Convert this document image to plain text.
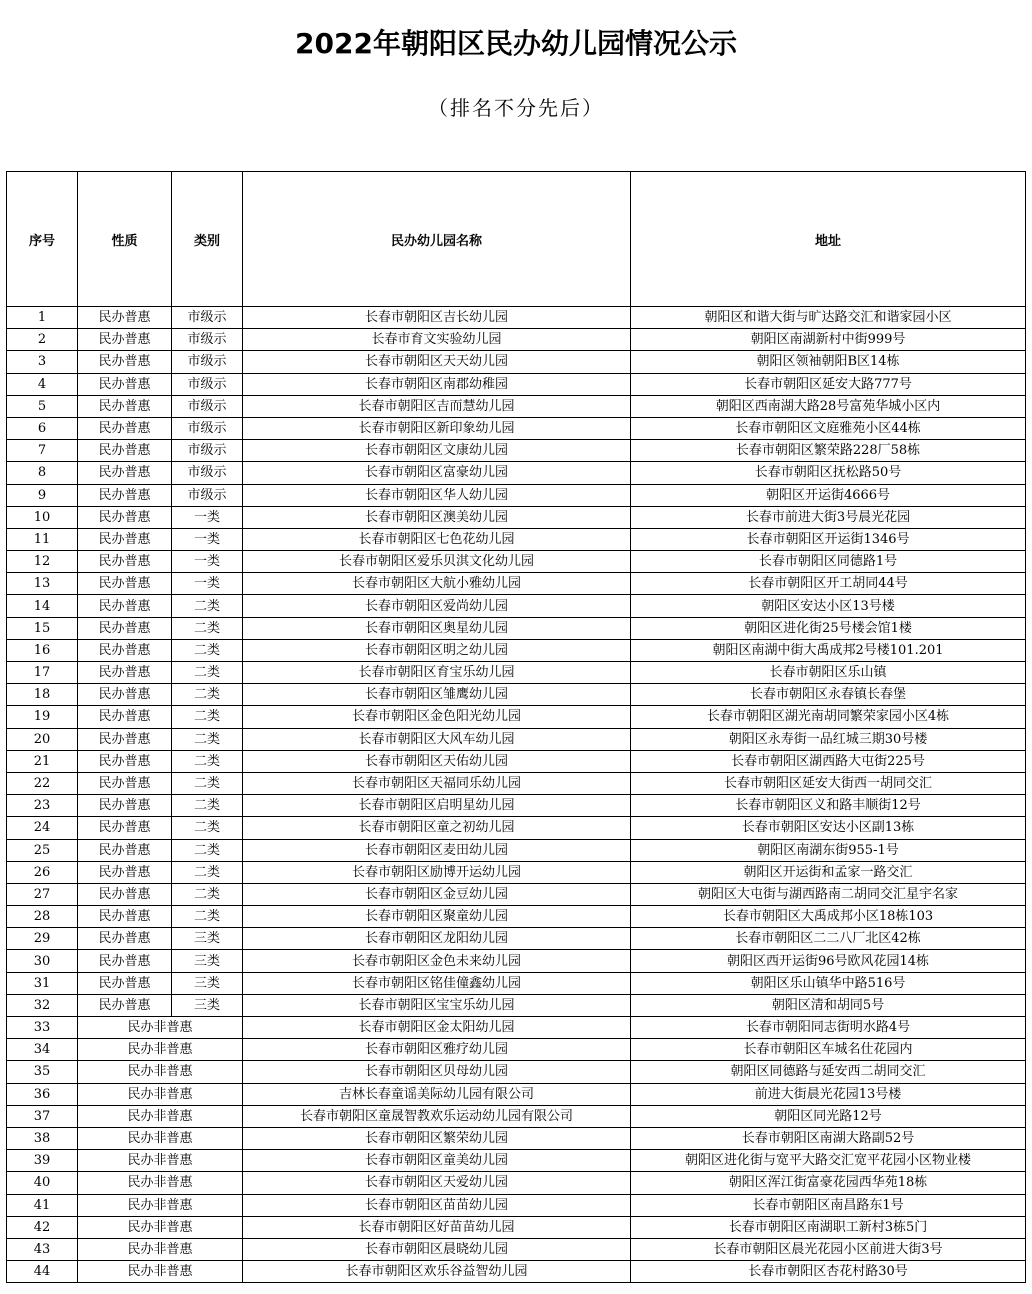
2022年朝阳区民办幼儿园情况公示
（排名不分先后）
序号	性质	类别	民办幼儿园名称	地址
1	民办普惠	市级示	长春市朝阳区吉长幼儿园	朝阳区和谐大街与旷达路交汇和谐家园小区
2	民办普惠	市级示	长春市育文实验幼儿园	朝阳区南湖新村中街999号
3	民办普惠	市级示	长春市朝阳区天天幼儿园	朝阳区领袖朝阳B区14栋
4	民办普惠	市级示	长春市朝阳区南郡幼稚园	长春市朝阳区延安大路777号
5	民办普惠	市级示	长春市朝阳区吉而慧幼儿园	朝阳区西南湖大路28号富苑华城小区内
6	民办普惠	市级示	长春市朝阳区新印象幼儿园	长春市朝阳区文庭雅苑小区44栋
7	民办普惠	市级示	长春市朝阳区文康幼儿园	长春市朝阳区繁荣路228厂58栋
8	民办普惠	市级示	长春市朝阳区富豪幼儿园	长春市朝阳区抚松路50号
9	民办普惠	市级示	长春市朝阳区华人幼儿园	朝阳区开运街4666号
10	民办普惠	一类	长春市朝阳区澳美幼儿园	长春市前进大街3号晨光花园
11	民办普惠	一类	长春市朝阳区七色花幼儿园	长春市朝阳区开运街1346号
12	民办普惠	一类	长春市朝阳区爱乐贝淇文化幼儿园	长春市朝阳区同德路1号
13	民办普惠	一类	长春市朝阳区大航小雅幼儿园	长春市朝阳区开工胡同44号
14	民办普惠	二类	长春市朝阳区爱尚幼儿园	朝阳区安达小区13号楼
15	民办普惠	二类	长春市朝阳区奥星幼儿园	朝阳区进化街25号楼会馆1楼
16	民办普惠	二类	长春市朝阳区明之幼儿园	朝阳区南湖中街大禹成邦2号楼101.201
17	民办普惠	二类	长春市朝阳区育宝乐幼儿园	长春市朝阳区乐山镇
18	民办普惠	二类	长春市朝阳区雏鹰幼儿园	长春市朝阳区永春镇长春堡
19	民办普惠	二类	长春市朝阳区金色阳光幼儿园	长春市朝阳区湖光南胡同繁荣家园小区4栋
20	民办普惠	二类	长春市朝阳区大风车幼儿园	朝阳区永寿街一品红城三期30号楼
21	民办普惠	二类	长春市朝阳区天佑幼儿园	长春市朝阳区湖西路大屯街225号
22	民办普惠	二类	长春市朝阳区天福同乐幼儿园	长春市朝阳区延安大街西一胡同交汇
23	民办普惠	二类	长春市朝阳区启明星幼儿园	长春市朝阳区义和路丰顺街12号
24	民办普惠	二类	长春市朝阳区童之初幼儿园	长春市朝阳区安达小区副13栋
25	民办普惠	二类	长春市朝阳区麦田幼儿园	朝阳区南湖东街955-1号
26	民办普惠	二类	长春市朝阳区励博开运幼儿园	朝阳区开运街和孟家一路交汇
27	民办普惠	二类	长春市朝阳区金豆幼儿园	朝阳区大屯街与湖西路南二胡同交汇星宇名家
28	民办普惠	二类	长春市朝阳区聚童幼儿园	长春市朝阳区大禹成邦小区18栋103
29	民办普惠	三类	长春市朝阳区龙阳幼儿园	长春市朝阳区二二八厂北区42栋
30	民办普惠	三类	长春市朝阳区金色未来幼儿园	朝阳区西开运街96号欧风花园14栋
31	民办普惠	三类	长春市朝阳区铭佳僮鑫幼儿园	朝阳区乐山镇华中路516号
32	民办普惠	三类	长春市朝阳区宝宝乐幼儿园	朝阳区清和胡同5号
33	民办非普惠		长春市朝阳区金太阳幼儿园	长春市朝阳同志街明水路4号
34	民办非普惠		长春市朝阳区雅疗幼儿园	长春市朝阳区车城名仕花园内
35	民办非普惠		长春市朝阳区贝母幼儿园	朝阳区同德路与延安西二胡同交汇
36	民办非普惠		吉林长春童谣美际幼儿园有限公司	前进大街晨光花园13号楼
37	民办非普惠		长春市朝阳区童晟智教欢乐运动幼儿园有限公司	朝阳区同光路12号
38	民办非普惠		长春市朝阳区繁荣幼儿园	长春市朝阳区南湖大路副52号
39	民办非普惠		长春市朝阳区童美幼儿园	朝阳区进化街与宽平大路交汇宽平花园小区物业楼
40	民办非普惠		长春市朝阳区天爱幼儿园	朝阳区浑江街富豪花园西华苑18栋
41	民办非普惠		长春市朝阳区苗苗幼儿园	长春市朝阳区南昌路东1号
42	民办非普惠		长春市朝阳区好苗苗幼儿园	长春市朝阳区南湖职工新村3栋5门
43	民办非普惠		长春市朝阳区晨晓幼儿园	长春市朝阳区晨光花园小区前进大街3号
44	民办非普惠		长春市朝阳区欢乐谷益智幼儿园	长春市朝阳区杏花村路30号
